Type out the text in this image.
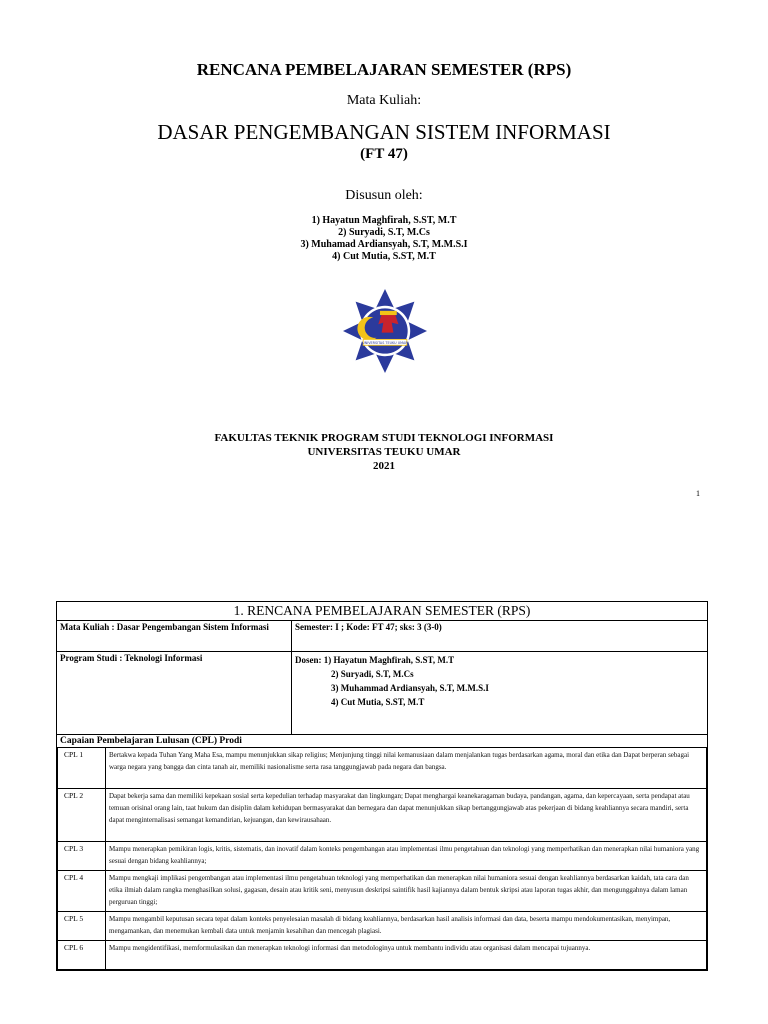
RENCANA PEMBELAJARAN SEMESTER (RPS)
Mata Kuliah:
DASAR PENGEMBANGAN SISTEM INFORMASI
(FT 47)
Disusun oleh:
1) Hayatun Maghfirah, S.ST, M.T
2) Suryadi, S.T, M.Cs
3) Muhamad Ardiansyah, S.T, M.M.S.I
4) Cut Mutia, S.ST, M.T
UNIVERSITAS TEUKU UMAR
FAKULTAS TEKNIK PROGRAM STUDI TEKNOLOGI INFORMASI
UNIVERSITAS TEUKU UMAR
2021
1
1. RENCANA PEMBELAJARAN SEMESTER (RPS)
Mata Kuliah : Dasar Pengembangan Sistem Informasi	Semester: I ; Kode: FT 47; sks: 3 (3-0)
Program Studi : Teknologi Informasi	Dosen: 1) Hayatun Maghfirah, S.ST, M.T
2) Suryadi, S.T, M.Cs
3) Muhammad Ardiansyah, S.T, M.M.S.I
4) Cut Mutia, S.ST, M.T

Capaian Pembelajaran Lulusan (CPL) Prodi
CPL 1	Bertakwa kepada Tuhan Yang Maha Esa, mampu menunjukkan sikap religius; Menjunjung tinggi nilai kemanusiaan dalam menjalankan tugas berdasarkan agama, moral dan etika dan Dapat berperan sebagai warga negara yang bangga dan cinta tanah air, memiliki nasionalisme serta rasa tanggungjawab pada negara dan bangsa.
CPL 2	Dapat bekerja sama dan memiliki kepekaan sosial serta kepedulian terhadap masyarakat dan lingkungan; Dapat menghargai keanekaragaman budaya, pandangan, agama, dan kepercayaan, serta pendapat atau temuan orisinal orang lain, taat hukum dan disiplin dalam kehidupan bermasyarakat dan bernegara dan dapat menunjukkan sikap bertanggungjawab atas pekerjaan di bidang keahliannya secara mandiri, serta dapat menginternalisasi semangat kemandirian, kejuangan, dan kewirausahaan.
CPL 3	Mampu menerapkan pemikiran logis, kritis, sistematis, dan inovatif dalam konteks pengembangan atau implementasi ilmu pengetahuan dan teknologi yang memperhatikan dan menerapkan nilai humaniora yang sesuai dengan bidang keahliannya;
CPL 4	Mampu mengkaji implikasi pengembangan atau implementasi ilmu pengetahuan teknologi yang memperhatikan dan menerapkan nilai humaniora sesuai dengan keahliannya berdasarkan kaidah, tata cara dan etika ilmiah dalam rangka menghasilkan solusi, gagasan, desain atau kritik seni, menyusun deskripsi saintifik hasil kajiannya dalam bentuk skripsi atau laporan tugas akhir, dan mengunggahnya dalam laman perguruan tinggi;
CPL 5	Mampu mengambil keputusan secara tepat dalam konteks penyelesaian masalah di bidang keahliannya, berdasarkan hasil analisis informasi dan data, beserta mampu mendokumentasikan, menyimpan, mengamankan, dan menemukan kembali data untuk menjamin kesahihan dan mencegah plagiasi.
CPL 6	Mampu mengidentifikasi, memformulasikan dan menerapkan teknologi informasi dan metodologinya untuk membantu individu atau organisasi dalam mencapai tujuannya.
